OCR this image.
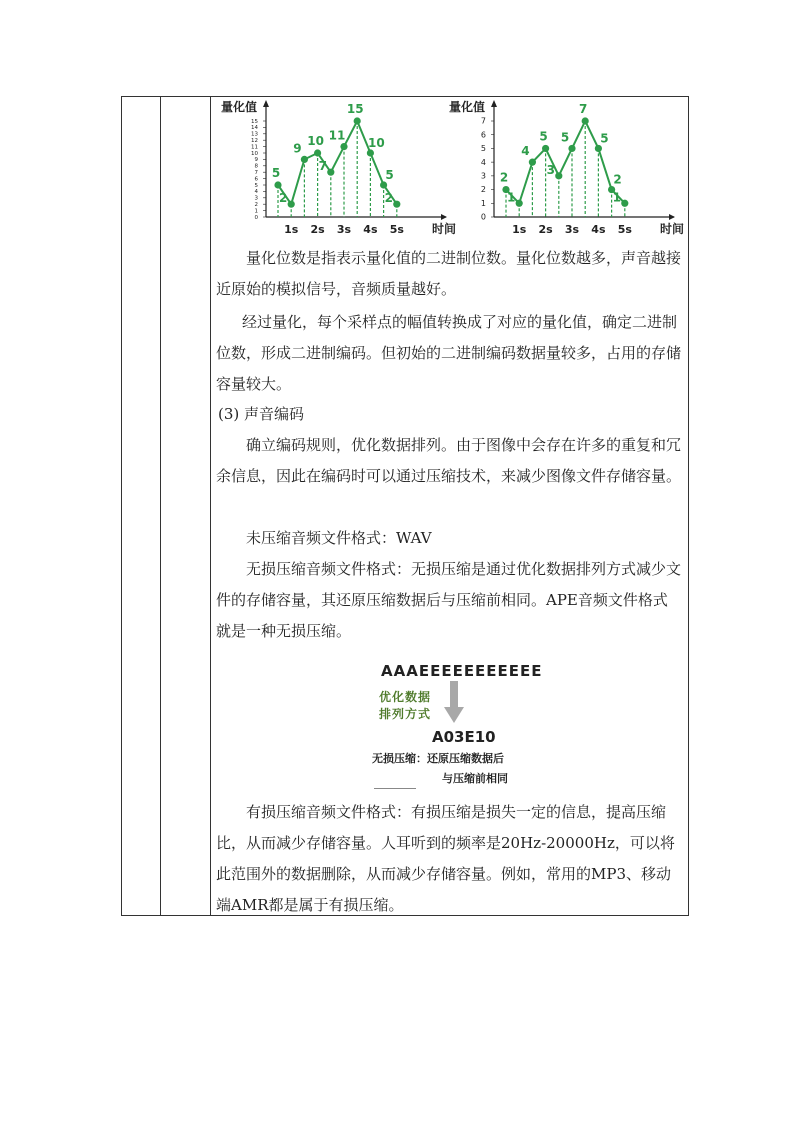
量化值
时间
0
1
2
3
4
5
6
7
8
9
10
11
12
13
14
15
1s 2s 3s 4s 5s
5
2
9
10
7
11
15
10
5
2
量化值
时间
0
1
2
3
4
5
6
7
1s 2s 3s 4s 5s
2
1
4
5
3
5
7
5
2
1

量化位数是指表示量化值的二进制位数。量化位数越多，声音越接近原始的模拟信号，音频质量越好。

经过量化，每个采样点的幅值转换成了对应的量化值，确定二进制位数，形成二进制编码。但初始的二进制编码数据量较多，占用的存储容量较大。

(3) 声音编码

确立编码规则，优化数据排列。由于图像中会存在许多的重复和冗余信息，因此在编码时可以通过压缩技术，来减少图像文件存储容量。

未压缩音频文件格式：WAV

无损压缩音频文件格式：无损压缩是通过优化数据排列方式减少文件的存储容量，其还原压缩数据后与压缩前相同。APE音频文件格式就是一种无损压缩。

AAAEEEEEEEEEEE
优化数据
排列方式
A03E10
无损压缩：还原压缩数据后
与压缩前相同

有损压缩音频文件格式：有损压缩是损失一定的信息，提高压缩比，从而减少存储容量。人耳听到的频率是20Hz-20000Hz，可以将此范围外的数据删除，从而减少存储容量。例如，常用的MP3、移动端AMR都是属于有损压缩。
